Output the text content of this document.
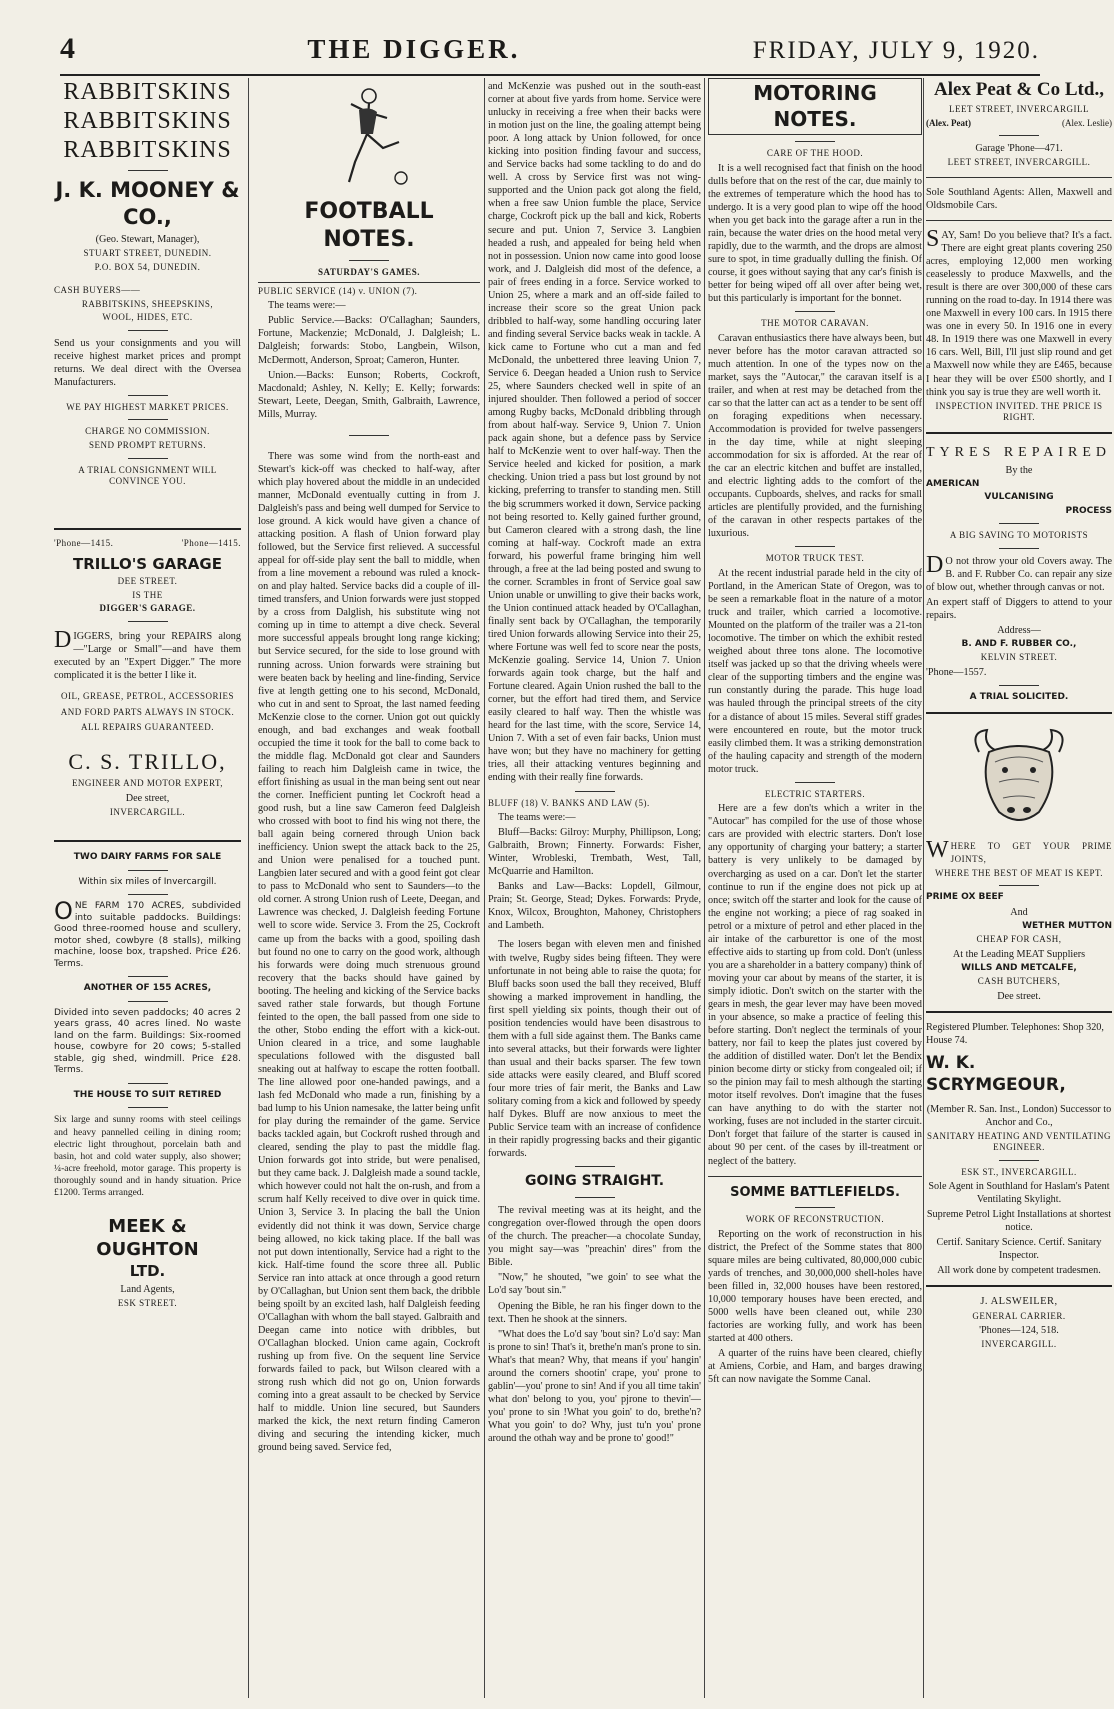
4	THE DIGGER.	FRIDAY, JULY 9, 1920.
RABBITSKINS
RABBITSKINS
RABBITSKINS
J. K. MOONEY & CO.,

(Geo. Stewart, Manager),

STUART STREET, DUNEDIN.

P.O. BOX 54, DUNEDIN.

CASH BUYERS——

RABBITSKINS, SHEEPSKINS,

WOOL, HIDES, ETC.

Send us your consignments and you will receive highest market prices and prompt returns. We deal direct with the Oversea Manufacturers.

WE PAY HIGHEST MARKET PRICES.

CHARGE NO COMMISSION.

SEND PROMPT RETURNS.

A TRIAL CONSIGNMENT WILL CONVINCE YOU.

'Phone—1415.	'Phone—1415.
TRILLO'S GARAGE

DEE STREET.

IS THE

DIGGER'S GARAGE.

DIGGERS, bring your REPAIRS along —"Large or Small"—and have them executed by an "Expert Digger." The more complicated it is the better I like it.

OIL, GREASE, PETROL, ACCESSORIES AND FORD PARTS ALWAYS IN STOCK.

ALL REPAIRS GUARANTEED.

C. S. TRILLO,

ENGINEER AND MOTOR EXPERT,

Dee street,

INVERCARGILL.

TWO DAIRY FARMS FOR SALE

Within six miles of Invercargill.

ONE FARM 170 ACRES, subdivided into suitable paddocks. Buildings: Good three-roomed house and scullery, motor shed, cowbyre (8 stalls), milking machine, loose box, trapshed. Price £26. Terms.

ANOTHER OF 155 ACRES,

Divided into seven paddocks; 40 acres 2 years grass, 40 acres lined. No waste land on the farm. Buildings: Six-roomed house, cowbyre for 20 cows; 5-stalled stable, gig shed, windmill. Price £28. Terms.

THE HOUSE TO SUIT RETIRED

Six large and sunny rooms with steel ceilings and heavy pannelled ceiling in dining room; electric light throughout, porcelain bath and basin, hot and cold water supply, also shower; ¼-acre freehold, motor garage. This property is thoroughly sound and in handy situation. Price £1200. Terms arranged.

MEEK & OUGHTON
LTD.

Land Agents,

ESK STREET.

FOOTBALL NOTES.

SATURDAY'S GAMES.

PUBLIC SERVICE (14) v. UNION (7).

The teams were:—

Public Service.—Backs: O'Callaghan; Saunders, Fortune, Mackenzie; McDonald, J. Dalgleish; L. Dalgleish; forwards: Stobo, Langbein, Wilson, McDermott, Anderson, Sproat; Cameron, Hunter.

Union.—Backs: Eunson; Roberts, Cockroft, Macdonald; Ashley, N. Kelly; E. Kelly; forwards: Stewart, Leete, Deegan, Smith, Galbraith, Lawrence, Mills, Murray.

There was some wind from the north-east and Stewart's kick-off was checked to half-way, after which play hovered about the middle in an undecided manner, McDonald eventually cutting in from J. Dalgleish's pass and being well dumped for Service to lose ground. A kick would have given a chance of attacking position. A flash of Union forward play followed, but the Service first relieved. A successful appeal for off-side play sent the ball to middle, when from a line movement a rebound was ruled a knock-on and play halted. Service backs did a couple of ill-timed transfers, and Union forwards were just stopped by a cross from Dalglish, his substitute wing not coming up in time to attempt a dive check. Several more successful appeals brought long range kicking; but Service secured, for the side to lose ground with running across. Union forwards were straining but were beaten back by heeling and line-finding, Service five at length getting one to his second, McDonald, who cut in and sent to Sproat, the last named feeding McKenzie close to the corner. Union got out quickly enough, and bad exchanges and weak football occupied the time it took for the ball to come back to the middle flag. McDonald got clear and Saunders failing to reach him Dalgleish came in twice, the effort finishing as usual in the man being sent out near the corner. Inefficient punting let Cockroft head a good rush, but a line saw Cameron feed Dalgleish who crossed with boot to find his wing not there, the ball again being cornered through Union back inefficiency. Union swept the attack back to the 25, and Union were penalised for a touched punt. Langbien later secured and with a good feint got clear to pass to McDonald who sent to Saunders—to the old corner. A strong Union rush of Leete, Deegan, and Lawrence was checked, J. Dalgleish feeding Fortune well to score wide. Service 3. From the 25, Cockroft came up from the backs with a good, spoiling dash but found no one to carry on the good work, although his forwards were doing much strenuous ground recovery that the backs should have gained by booting. The heeling and kicking of the Service backs saved rather stale forwards, but though Fortune feinted to the open, the ball passed from one side to the other, Stobo ending the effort with a kick-out. Union cleared in a trice, and some laughable speculations followed with the disgusted ball sneaking out at halfway to escape the rotten football. The line allowed poor one-handed pawings, and a lash fed McDonald who made a run, finishing by a bad lump to his Union namesake, the latter being unfit for play during the remainder of the game. Service backs tackled again, but Cockroft rushed through and cleared, sending the play to past the middle flag. Union forwards got into stride, but were penalised, but they came back. J. Dalgleish made a sound tackle, which however could not halt the on-rush, and from a scrum half Kelly received to dive over in quick time. Union 3, Service 3. In placing the ball the Union evidently did not think it was down, Service charge being allowed, no kick taking place. If the ball was not put down intentionally, Service had a right to the kick. Half-time found the score three all. Public Service ran into attack at once through a good return by O'Callaghan, but Union sent them back, the dribble being spoilt by an excited lash, half Dalgleish feeding O'Callaghan with whom the ball stayed. Galbraith and Deegan came into notice with dribbles, but O'Callaghan blocked. Union came again, Cockroft rushing up from five. On the sequent line Service forwards failed to pack, but Wilson cleared with a strong rush which did not go on, Union forwards coming into a great assault to be checked by Service half to middle. Union line secured, but Saunders marked the kick, the next return finding Cameron diving and securing the intending kicker, much ground being saved. Service fed,

and McKenzie was pushed out in the south-east corner at about five yards from home. Service were unlucky in receiving a free when their backs were in motion just on the line, the goaling attempt being poor. A long attack by Union followed, for once kicking into position finding favour and success, and Service backs had some tackling to do and do well. A cross by Service first was not wing-supported and the Union pack got along the field, when a free saw Union fumble the place, Service charge, Cockroft pick up the ball and kick, Roberts secure and put. Union 7, Service 3. Langbien headed a rush, and appealed for being held when not in possession. Union now came into good loose work, and J. Dalgleish did most of the defence, a pair of frees ending in a force. Service worked to Union 25, where a mark and an off-side failed to increase their score so the great Union pack dribbled to half-way, some handling occuring later and finding several Service backs weak in tackle. A kick came to Fortune who cut a man and fed McDonald, the unbettered three leaving Union 7, Service 6. Deegan headed a Union rush to Service 25, where Saunders checked well in spite of an injured shoulder. Then followed a period of soccer among Rugby backs, McDonald dribbling through from about half-way. Service 9, Union 7. Union pack again shone, but a defence pass by Service half to McKenzie went to over half-way. Then the Service heeled and kicked for position, a mark checking. Union tried a pass but lost ground by not kicking, preferring to transfer to standing men. Still the big scrummers worked it down, Service packing not being resorted to. Kelly gained further ground, but Cameron cleared with a strong dash, the line coming at half-way. Cockroft made an extra forward, his powerful frame bringing him well through, a free at the lad being posted and swung to the corner. Scrambles in front of Service goal saw Union unable or unwilling to give their backs work, the Union continued attack headed by O'Callaghan, finally sent back by O'Callaghan, the temporarily tired Union forwards allowing Service into their 25, where Fortune was well fed to score near the posts, McKenzie goaling. Service 14, Union 7. Union forwards again took charge, but the half and Fortune cleared. Again Union rushed the ball to the corner, but the effort had tired them, and Service easily cleared to half way. Then the whistle was heard for the last time, with the score, Service 14, Union 7. With a set of even fair backs, Union must have won; but they have no machinery for getting tries, all their attacking ventures beginning and ending with their really fine forwards.

BLUFF (18) V. BANKS AND LAW (5).

The teams were:—

Bluff—Backs: Gilroy: Murphy, Phillipson, Long; Galbraith, Brown; Finnerty. Forwards: Fisher, Winter, Wrobleski, Trembath, West, Tall, McQuarrie and Hamilton.

Banks and Law—Backs: Lopdell, Gilmour, Prain; St. George, Stead; Dykes. Forwards: Pryde, Knox, Wilcox, Broughton, Mahoney, Christophers and Lambeth.

The losers began with eleven men and finished with twelve, Rugby sides being fifteen. They were unfortunate in not being able to raise the quota; for Bluff backs soon used the ball they received, Bluff showing a marked improvement in handling, the first spell yielding six points, though their out of position tendencies would have been disastrous to them with a full side against them. The Banks came into several attacks, but their forwards were lighter than usual and their backs sparser. The few town side attacks were easily cleared, and Bluff scored four more tries of fair merit, the Banks and Law solitary coming from a kick and followed by speedy half Dykes. Bluff are now anxious to meet the Public Service team with an increase of confidence in their rapidly progressing backs and their gigantic forwards.

GOING STRAIGHT.

The revival meeting was at its height, and the congregation over-flowed through the open doors of the church. The preacher—a chocolate Sunday, you might say—was "preachin' dires" from the Bible.

"Now," he shouted, "we goin' to see what the Lo'd say 'bout sin."

Opening the Bible, he ran his finger down to the text. Then he shook at the sinners.

"What does the Lo'd say 'bout sin? Lo'd say: Man is prone to sin! That's it, brethe'n man's prone to sin. What's that mean? Why, that means if you' hangin' around the corners shootin' crape, you' prone to gablin'—you' prone to sin! And if you all time takin' what don' belong to you, you' pjrone to thevin'—you' prone to sin !What you goin' to do, brethe'n? What you goin' to do? Why, just tu'n you' prone around the othah way and be prone to' good!"

MOTORING NOTES.

CARE OF THE HOOD.

It is a well recognised fact that finish on the hood dulls before that on the rest of the car, due mainly to the extremes of temperature which the hood has to undergo. It is a very good plan to wipe off the hood when you get back into the garage after a run in the rain, because the water dries on the hood metal very rapidly, due to the warmth, and the drops are almost sure to spot, in time gradually dulling the finish. Of course, it goes without saying that any car's finish is better for being wiped off all over after being wet, but this particularly is important for the bonnet.

THE MOTOR CARAVAN.

Caravan enthusiastics there have always been, but never before has the motor caravan attracted so much attention. In one of the types now on the market, says the "Autocar," the caravan itself is a trailer, and when at rest may be detached from the car so that the latter can act as a tender to be sent off on foraging expeditions when necessary. Accommodation is provided for twelve passengers in the day time, while at night sleeping accommodation for six is afforded. At the rear of the car an electric kitchen and buffet are installed, and electric lighting adds to the comfort of the occupants. Cupboards, shelves, and racks for small articles are plentifully provided, and the furnishing of the caravan in other respects partakes of the luxurious.

MOTOR TRUCK TEST.

At the recent industrial parade held in the city of Portland, in the American State of Oregon, was to be seen a remarkable float in the nature of a motor truck and trailer, which carried a locomotive. Mounted on the platform of the trailer was a 21-ton locomotive. The timber on which the exhibit rested weighed about three tons alone. The locomotive itself was jacked up so that the driving wheels were clear of the supporting timbers and the engine was run constantly during the parade. This huge load was hauled through the principal streets of the city for a distance of about 15 miles. Several stiff grades were encountered en route, but the motor truck easily climbed them. It was a striking demonstration of the hauling capacity and strength of the modern motor truck.

ELECTRIC STARTERS.

Here are a few don'ts which a writer in the "Autocar" has compiled for the use of those whose cars are provided with electric starters. Don't lose any opportunity of charging your battery; a starter battery is very unlikely to be damaged by overcharging as used on a car. Don't let the starter continue to run if the engine does not pick up at once; switch off the starter and look for the cause of the engine not working; a piece of rag soaked in petrol or a mixture of petrol and ether placed in the air intake of the carburettor is one of the most effective aids to starting up from cold. Don't (unless you are a shareholder in a battery company) think of moving your car about by means of the starter, it is simply idiotic. Don't switch on the starter with the gears in mesh, the gear lever may have been moved in your absence, so make a practice of feeling this before starting. Don't neglect the terminals of your battery, nor fail to keep the plates just covered by the addition of distilled water. Don't let the Bendix pinion become dirty or sticky from congealed oil; if so the pinion may fail to mesh although the starting motor itself revolves. Don't imagine that the fuses can have anything to do with the starter not working, fuses are not included in the starter circuit. Don't forget that failure of the starter is caused in about 90 per cent. of the cases by ill-treatment or neglect of the battery.

SOMME BATTLEFIELDS.

WORK OF RECONSTRUCTION.

Reporting on the work of reconstruction in his district, the Prefect of the Somme states that 800 square miles are being cultivated, 80,000,000 cubic yards of trenches, and 30,000,000 shell-holes have been filled in, 32,000 houses have been restored, 10,000 temporary houses have been erected, and 5000 wells have been cleaned out, while 230 factories are working fully, and work has been started at 400 others.

A quarter of the ruins have been cleared, chiefly at Amiens, Corbie, and Ham, and barges drawing 5ft can now navigate the Somme Canal.

Alex Peat & Co Ltd.,

LEET STREET, INVERCARGILL

(Alex. Peat)	(Alex. Leslie)

Garage 'Phone—471.

LEET STREET, INVERCARGILL.

Sole Southland Agents: Allen, Maxwell and Oldsmobile Cars.

SAY, Sam! Do you believe that? It's a fact. There are eight great plants covering 250 acres, employing 12,000 men working ceaselessly to produce Maxwells, and the result is there are over 300,000 of these cars running on the road to-day. In 1914 there was one Maxwell in every 100 cars. In 1915 there was one in every 50. In 1916 one in every 48. In 1919 there was one Maxwell in every 16 cars. Well, Bill, I'll just slip round and get a Maxwell now while they are £465, because I hear they will be over £500 shortly, and I think you say is true they are well worth it.

INSPECTION INVITED. THE PRICE IS RIGHT.

TYRES REPAIRED

By the

AMERICAN

VULCANISING

PROCESS

A BIG SAVING TO MOTORISTS

D O not throw your old Covers away. The B. and F. Rubber Co. can repair any size of blow out, whether through canvas or not.

An expert staff of Diggers to attend to your repairs.

Address—

B. AND F. RUBBER CO.,

KELVIN STREET.

'Phone—1557.

A TRIAL SOLICITED.

WHERE TO GET YOUR PRIME JOINTS,

WHERE THE BEST OF MEAT IS KEPT.

PRIME OX BEEF

And

WETHER MUTTON

CHEAP FOR CASH,

At the Leading MEAT Suppliers

WILLS AND METCALFE,

CASH BUTCHERS,

Dee street.

Registered Plumber. Telephones: Shop 320, House 74.

W. K. SCRYMGEOUR,

(Member R. San. Inst., London) Successor to Anchor and Co.,

SANITARY HEATING AND VENTILATING ENGINEER.

ESK ST., INVERCARGILL.

Sole Agent in Southland for Haslam's Patent Ventilating Skylight.

Supreme Petrol Light Installations at shortest notice.

Certif. Sanitary Science. Certif. Sanitary Inspector.

All work done by competent tradesmen.

J. ALSWEILER,

GENERAL CARRIER.

'Phones—124, 518.

INVERCARGILL.
